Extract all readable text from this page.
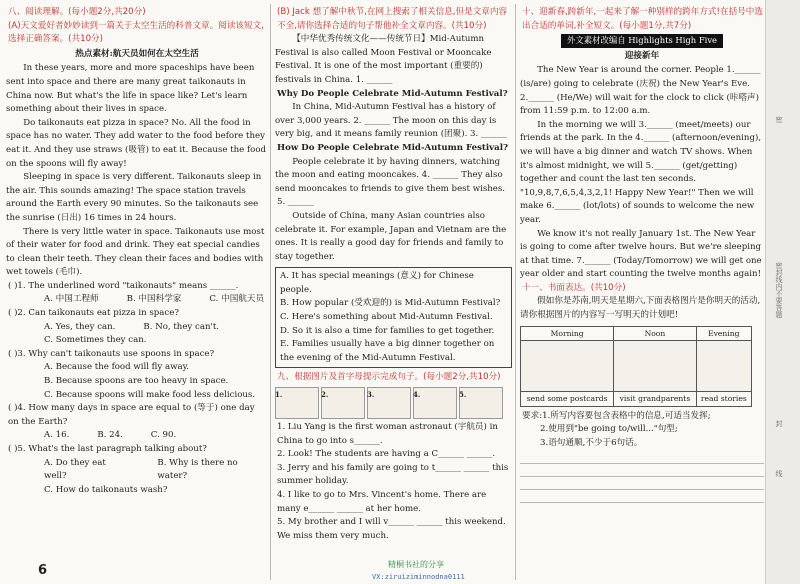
八、阅读理解。(每小题2分,共20分)

(A)天文爱好者妙妙读到一篇关于太空生活的科普文章。阅读该短文,选择正确答案。(共10分)

热点素材:航天员如何在太空生活

In these years, more and more spaceships have been sent into space and there are many great taikonauts in China now. But what's the life in space like? Let's learn something about their lives in space.

Do taikonauts eat pizza in space? No. All the food in space has no water. They add water to the food before they eat it. And they use straws (吸管) to eat it. Because the food on the spoons will fly away!

Sleeping in space is very different. Taikonauts sleep in the air. This sounds amazing! The space station travels around the Earth every 90 minutes. So the taikonauts see the sunrise (日出) 16 times in 24 hours.

There is very little water in space. Taikonauts use most of their water for food and drink. They eat special candies to clean their teeth. They clean their faces and bodies with wet towels (毛巾).

( )1. The underlined word "taikonauts" means ______.

A. 中国工程师	B. 中国科学家	C. 中国航天员

( )2. Can taikonauts eat pizza in space?

A. Yes, they can.	B. No, they can't.

C. Sometimes they can.

( )3. Why can't taikonauts use spoons in space?

A. Because the food will fly away.

B. Because spoons are too heavy in space.

C. Because spoons will make food less delicious.

( )4. How many days in space are equal to (等于) one day on the Earth?

A. 16.	B. 24.	C. 90.

( )5. What's the last paragraph talking about?

A. Do they eat well?
B. Why is there no water?

C. How do taikonauts wash?

(B) Jack 想了解中秋节,在网上搜索了相关信息,但是文章内容不全,请你选择合适的句子帮他补全文章内容。(共10分)

【中华优秀传统文化——传统节日】Mid-Autumn Festival is also called Moon Festival or Mooncake Festival. It is one of the most important (重要的) festivals in China. 1. ______

Why Do People Celebrate Mid-Autumn Festival?

In China, Mid-Autumn Festival has a history of over 3,000 years. 2. ______ The moon on this day is very big, and it means family reunion (团聚). 3. ______

How Do People Celebrate Mid-Autumn Festival?

People celebrate it by having dinners, watching the moon and eating mooncakes. 4. ______ They also send mooncakes to friends to give them best wishes.

5. ______

Outside of China, many Asian countries also celebrate it. For example, Japan and Vietnam are the ones. It is really a good day for friends and family to stay together.

A. It has special meanings (意义) for Chinese people.

B. How popular (受欢迎的) is Mid-Autumn Festival?

C. Here's something about Mid-Autumn Festival.

D. So it is also a time for families to get together.

E. Families usually have a big dinner together on the evening of the Mid-Autumn Festival.

九、根据图片及首字母提示完成句子。(每小题2分,共10分)

1.	2.	3.	4.	5.

1. Liu Yang is the first woman astronaut (宇航员) in China to go into s______.

2. Look! The students are having a C______ ______.

3. Jerry and his family are going to t______ ______ this summer holiday.

4. I like to go to Mrs. Vincent's home. There are many e______ ______ at her home.

5. My brother and I will v______ ______ this weekend. We miss them very much.

十、迎新春,跨新年,一起来了解一种别样的跨年方式!在括号中选出合适的单词,补全短文。(每小题1分,共7分)

外文素材改编自 Highlights High Five

迎接新年

The New Year is around the corner. People 1.______ (is/are) going to celebrate (庆祝) the New Year's Eve. 2.______ (He/We) will wait for the clock to click (咔嗒声) from 11:59 p.m. to 12:00 a.m.

In the morning we will 3.______ (meet/meets) our friends at the park. In the 4.______ (afternoon/evening), we will have a big dinner and watch TV shows. When it's almost midnight, we will 5.______ (get/getting) together and count the last ten seconds. "10,9,8,7,6,5,4,3,2,1! Happy New Year!" Then we will make 6.______ (lot/lots) of sounds to welcome the new year.

We know it's not really January 1st. The New Year is going to come after twelve hours. But we're sleeping at that time. 7.______ (Today/Tomorrow) we will get one year older and start counting the twelve months again!

十一、书面表达。(共10分)

假如你是苏南,明天是星期六,下面表格图片是你明天的活动,请你根据图片的内容写一写明天的计划吧!

Morning	Noon	Evening

send some postcards	visit grandparents	read stories

要求:1.所写内容要包含表格中的信息,可适当发挥;

2.使用到"be going to/will..."句型;

3.语句通顺,不少于6句话。

密
密封线内不要答题
封
线
6	精桐书社的分享
VX:ziruiziminnodna0111
